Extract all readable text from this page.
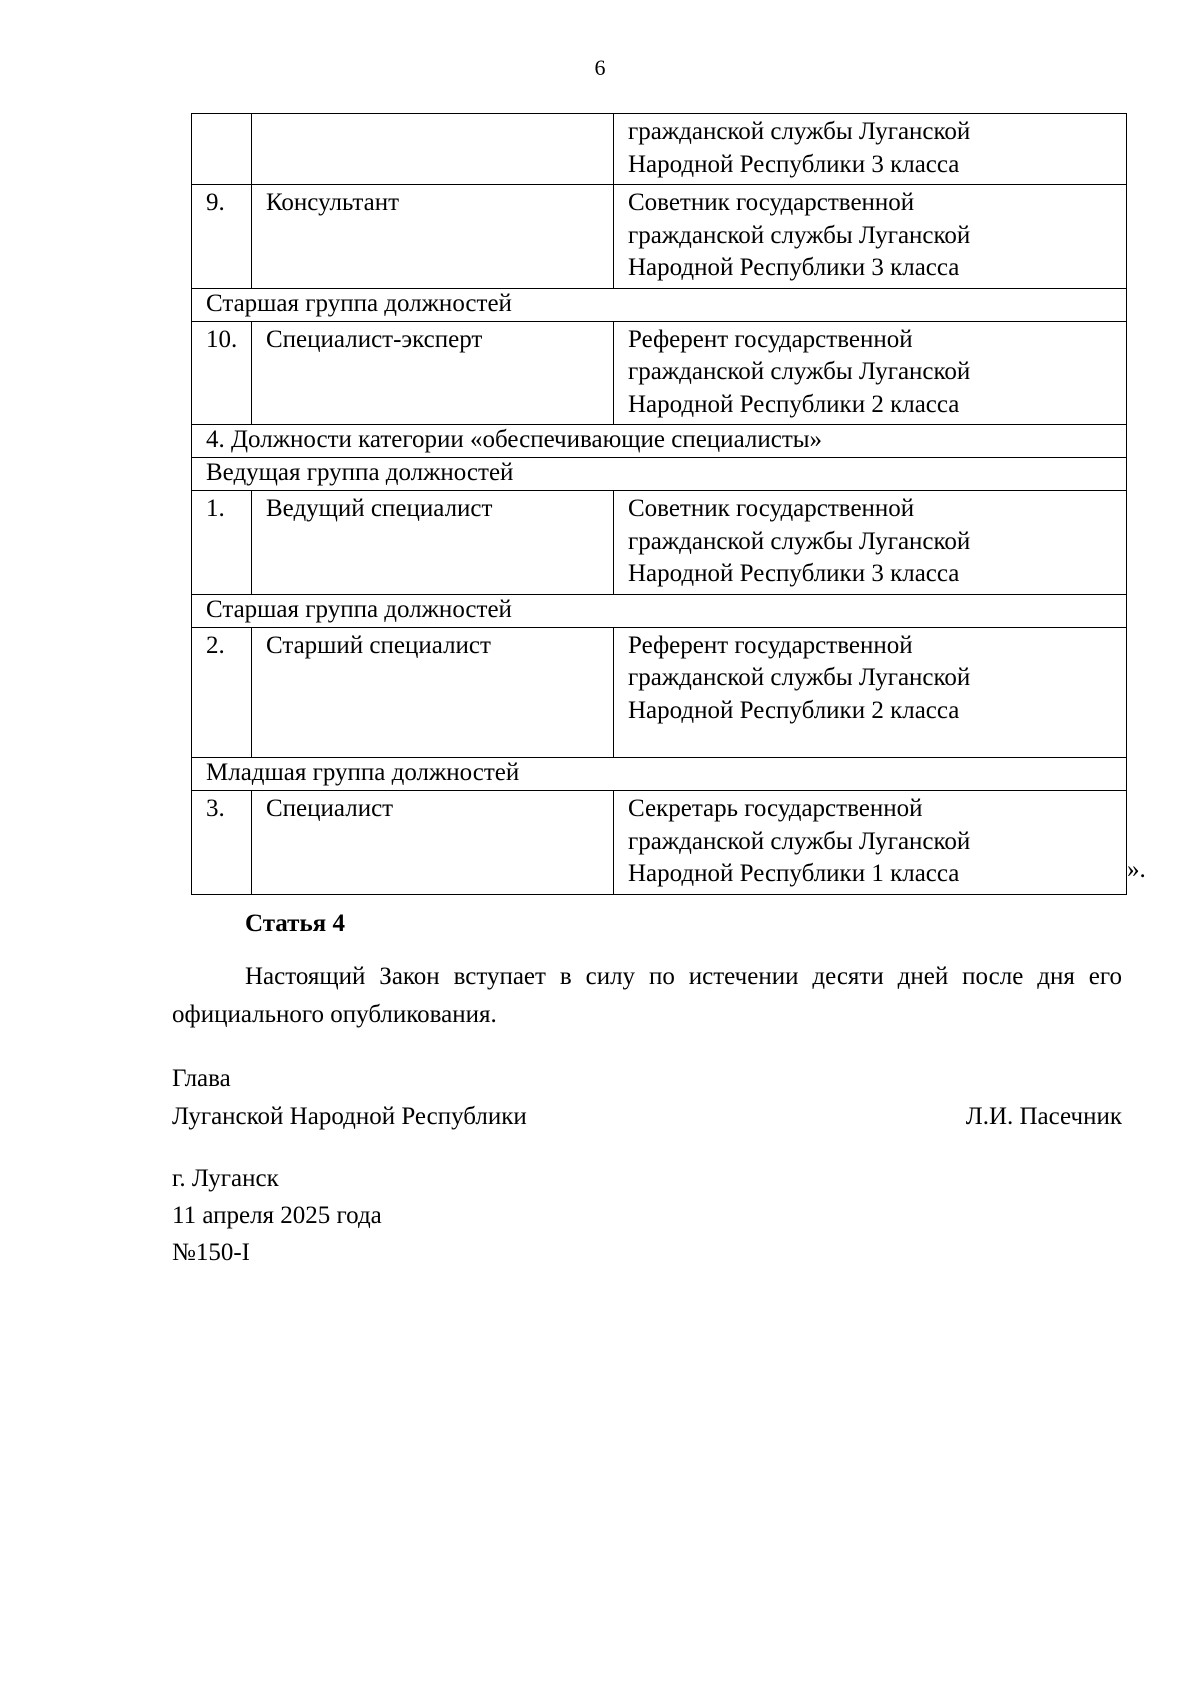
6

		гражданской службы Луганской
Народной Республики 3 класса

9.	Консультант	Советник государственной
гражданской службы Луганской
Народной Республики 3 класса

Старшая группа должностей		
10.	Специалист-эксперт	Референт государственной
гражданской службы Луганской
Народной Республики 2 класса

4. Должности категории «обеспечивающие специалисты»		
Ведущая группа должностей		
1.	Ведущий специалист	Советник государственной
гражданской службы Луганской
Народной Республики 3 класса

Старшая группа должностей		
2.	Старший специалист	Референт государственной
гражданской службы Луганской
Народной Республики 2 класса

Младшая группа должностей		
3.	Специалист	Секретарь государственной
гражданской службы Луганской
Народной Республики 1 класса	».
Статья 4
Настоящий Закон вступает в силу по истечении десяти дней после дня его официального опубликования.
Глава
Луганской Народной Республики	Л.И. Пасечник
г. Луганск
11 апреля 2025 года
№150-I
